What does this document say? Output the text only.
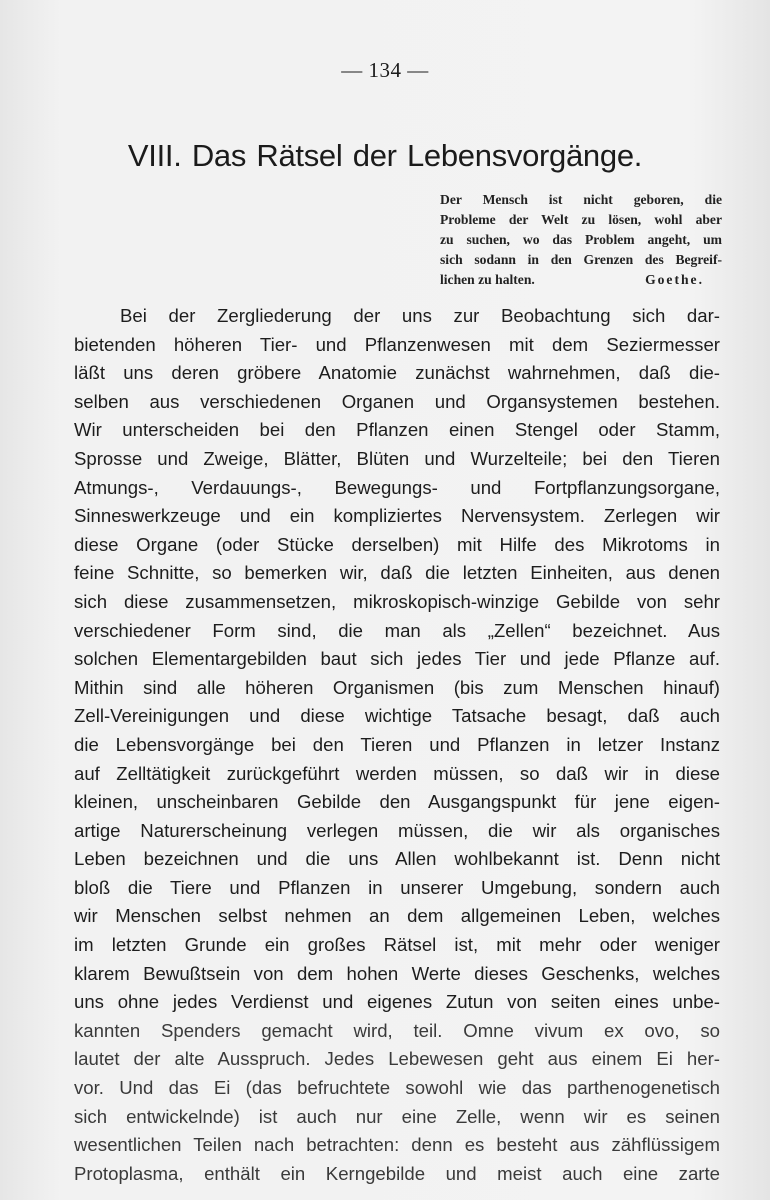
— 134 —
VIII. Das Rätsel der Lebensvorgänge.
Der Mensch ist nicht geboren, die
Probleme der Welt zu lösen, wohl aber
zu suchen, wo das Problem angeht, um
sich sodann in den Grenzen des Begreif-
lichen zu halten.	Goethe.
Bei der Zergliederung der uns zur Beobachtung sich dar-
bietenden höheren Tier- und Pflanzenwesen mit dem Seziermesser
läßt uns deren gröbere Anatomie zunächst wahrnehmen, daß die-
selben aus verschiedenen Organen und Organsystemen bestehen.
Wir unterscheiden bei den Pflanzen einen Stengel oder Stamm,
Sprosse und Zweige, Blätter, Blüten und Wurzelteile; bei den Tieren
Atmungs-, Verdauungs-, Bewegungs- und Fortpflanzungsorgane,
Sinneswerkzeuge und ein kompliziertes Nervensystem. Zerlegen wir
diese Organe (oder Stücke derselben) mit Hilfe des Mikrotoms in
feine Schnitte, so bemerken wir, daß die letzten Einheiten, aus denen
sich diese zusammensetzen, mikroskopisch-winzige Gebilde von sehr
verschiedener Form sind, die man als „Zellen“ bezeichnet. Aus
solchen Elementargebilden baut sich jedes Tier und jede Pflanze auf.
Mithin sind alle höheren Organismen (bis zum Menschen hinauf)
Zell-Vereinigungen und diese wichtige Tatsache besagt, daß auch
die Lebensvorgänge bei den Tieren und Pflanzen in letzer Instanz
auf Zelltätigkeit zurückgeführt werden müssen, so daß wir in diese
kleinen, unscheinbaren Gebilde den Ausgangspunkt für jene eigen-
artige Naturerscheinung verlegen müssen, die wir als organisches
Leben bezeichnen und die uns Allen wohlbekannt ist. Denn nicht
bloß die Tiere und Pflanzen in unserer Umgebung, sondern auch
wir Menschen selbst nehmen an dem allgemeinen Leben, welches
im letzten Grunde ein großes Rätsel ist, mit mehr oder weniger
klarem Bewußtsein von dem hohen Werte dieses Geschenks, welches
uns ohne jedes Verdienst und eigenes Zutun von seiten eines unbe-
kannten Spenders gemacht wird, teil. Omne vivum ex ovo, so
lautet der alte Ausspruch. Jedes Lebewesen geht aus einem Ei her-
vor. Und das Ei (das befruchtete sowohl wie das parthenogenetisch
sich entwickelnde) ist auch nur eine Zelle, wenn wir es seinen
wesentlichen Teilen nach betrachten: denn es besteht aus zähflüssigem
Protoplasma, enthält ein Kerngebilde und meist auch eine zarte
